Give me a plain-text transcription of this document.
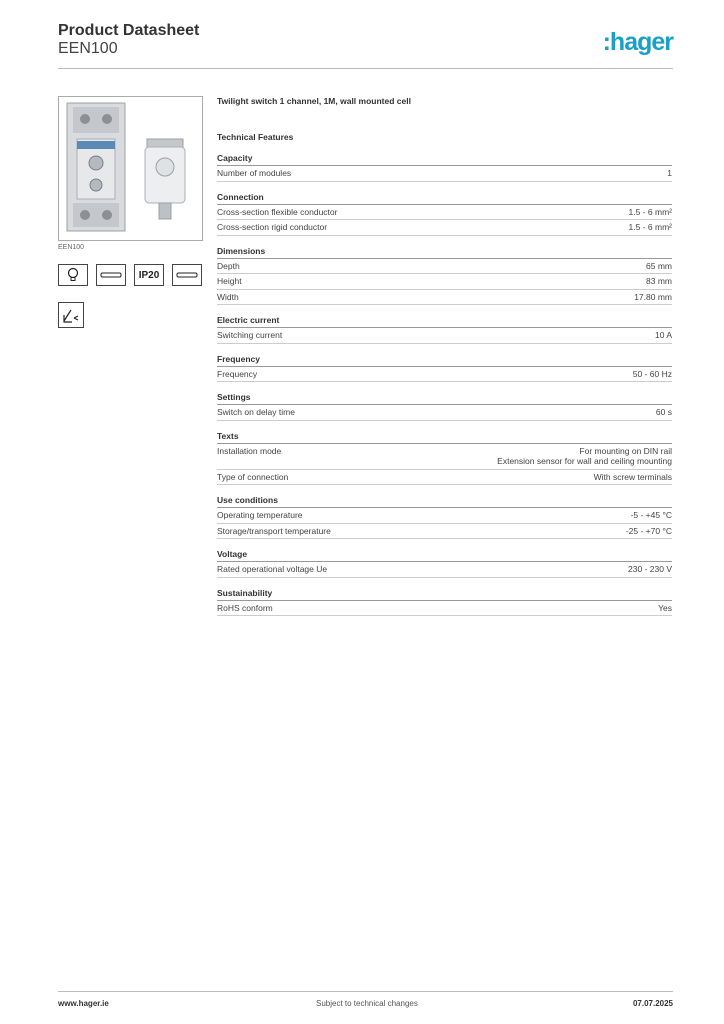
Product Datasheet
EEN100	:hager
EEN100
IP20
Twilight switch 1 channel, 1M, wall mounted cell
Technical Features
Capacity
Number of modules	1
Connection
Cross-section flexible conductor	1.5 - 6 mm²
Cross-section rigid conductor	1.5 - 6 mm²
Dimensions
Depth	65 mm
Height	83 mm
Width	17.80 mm
Electric current
Switching current	10 A
Frequency
Frequency	50 - 60 Hz
Settings
Switch on delay time	60 s
Texts
Installation mode	For mounting on DIN rail
Extension sensor for wall and ceiling mounting
Type of connection	With screw terminals
Use conditions
Operating temperature	-5 - +45 °C
Storage/transport temperature	-25 - +70 °C
Voltage
Rated operational voltage Ue	230 - 230 V
Sustainability
RoHS conform	Yes
www.hager.ie	Subject to technical changes	07.07.2025
